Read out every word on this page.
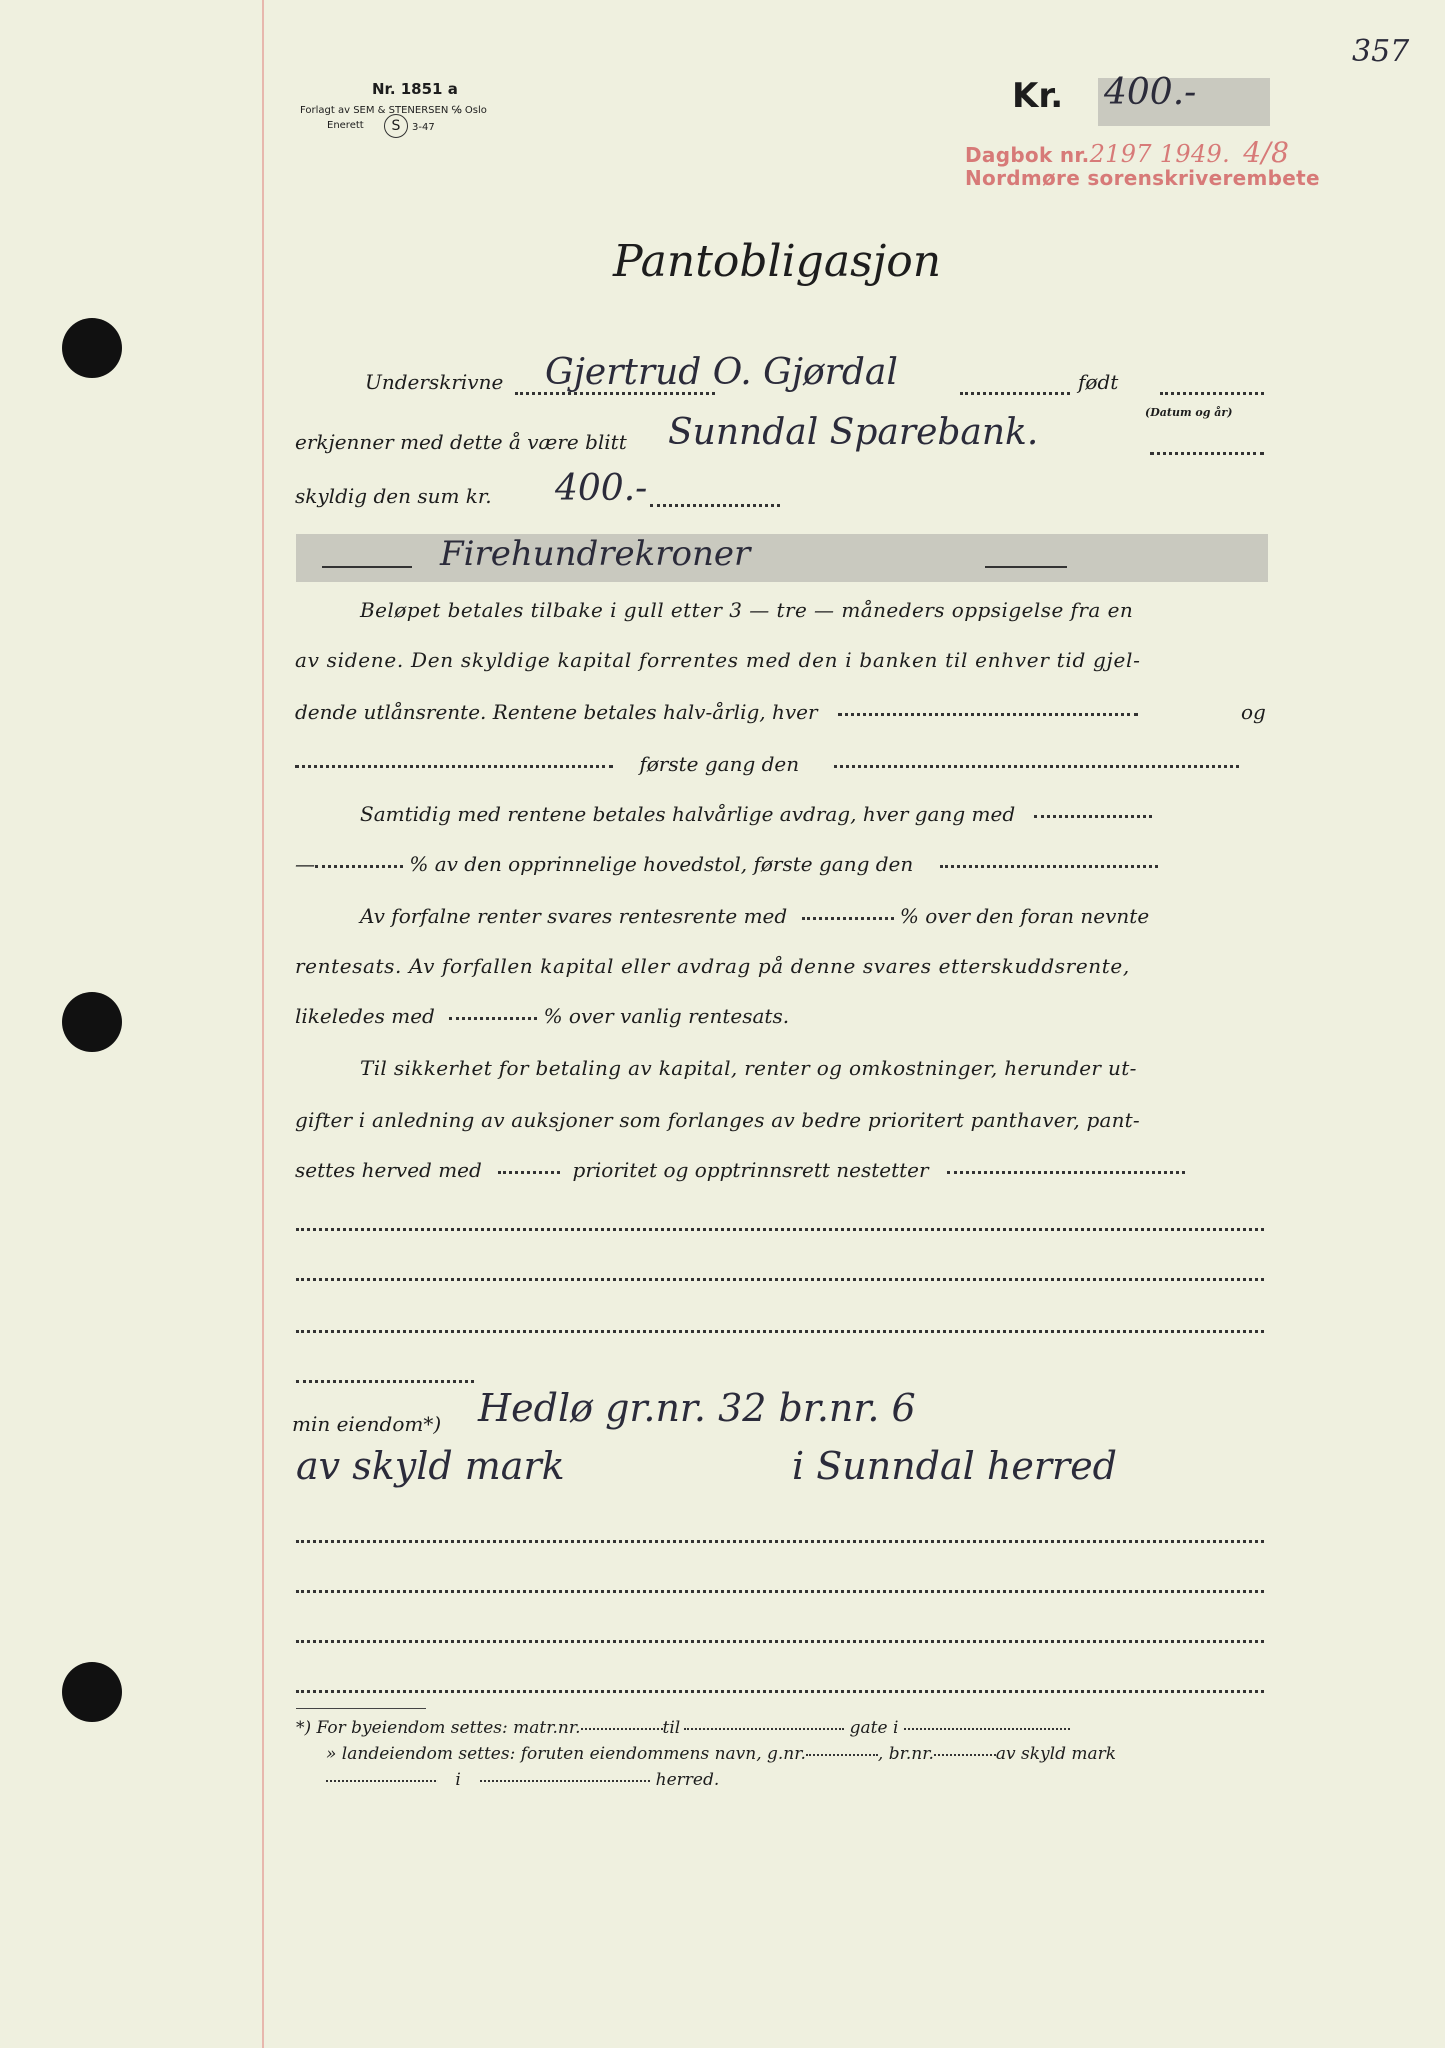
357
Nr. 1851 a
Forlagt av SEM & STENERSEN ℅ Oslo
Enerett	S	3-47
Kr. 400.-
Dagbok nr.2197 1949. 4/8
Nordmøre sorenskriverembete
Pantobligasjon
Underskrivne Gjertrud O. Gjørdal	født
erkjenner med dette å være blitt Sunndal Sparebank.	(Datum og år)
skyldig den sum kr. 400.-
Firehundrekroner
Beløpet betales tilbake i gull etter 3 — tre — måneders oppsigelse fra en
av sidene. Den skyldige kapital forrentes med den i banken til enhver tid gjel-
dende utlånsrente. Rentene betales halv-årlig, hver	og
første gang den
Samtidig med rentene betales halvårlige avdrag, hver gang med
—	% av den opprinnelige hovedstol, første gang den
Av forfalne renter svares rentesrente med	% over den foran nevnte
rentesats. Av forfallen kapital eller avdrag på denne svares etterskuddsrente,
likeledes med	% over vanlig rentesats.
Til sikkerhet for betaling av kapital, renter og omkostninger, herunder ut-
gifter i anledning av auksjoner som forlanges av bedre prioritert panthaver, pant-
settes herved med	prioritet og opptrinnsrett nestetter
min eiendom*) Hedlø gr.nr. 32 br.nr. 6
av skyld mark	i Sunndal herred
*) For byeiendom settes: matr.nr.	til	gate i
» landeiendom settes: foruten eiendommens navn, g.nr.	, br.nr.	av skyld mark
i	herred.
